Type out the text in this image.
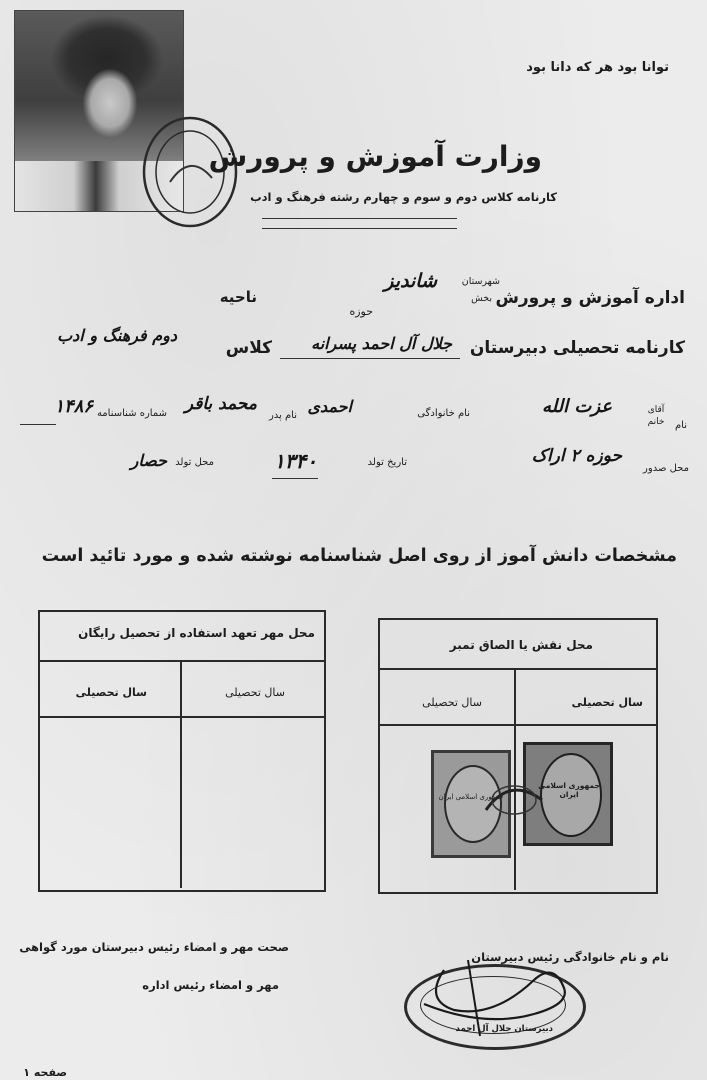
توانا بود هر که دانا بود
وزارت آموزش و پرورش
کارنامه کلاس دوم و سوم و چهارم رشته فرهنگ و ادب
اداره آموزش و پرورش
شهرستان
بخش
شاندیز
حوزه
ناحیه
کارنامه تحصیلی دبیرستان
جلال آل احمد پسرانه
کلاس
دوم فرهنگ و ادب
نام
آقای خانم
عزت الله
نام خانوادگی
احمدی
نام پدر
محمد باقر
شماره شناسنامه
۱۴۸۶
محل صدور
حوزه ۲ اراک
تاریخ تولد
۱۳۴۰
محل تولد
حصار
مشخصات دانش آموز از روی اصل شناسنامه نوشته شده و مورد تائید است
محل مهر تعهد استفاده از تحصیل رایگان
سال تحصیلی
سال تحصیلی
محل نقش یا الصاق تمبر
سال تحصیلی
سال تحصیلی
جمهوری اسلامی ایران
جمهوری اسلامی ایران
نام و نام خانوادگی رئیس دبیرستان
صحت مهر و امضاء رئیس دبیرستان مورد گواهی
مهر و امضاء رئیس اداره
دبیرستان جلال آل احمد
صفحه ۱
